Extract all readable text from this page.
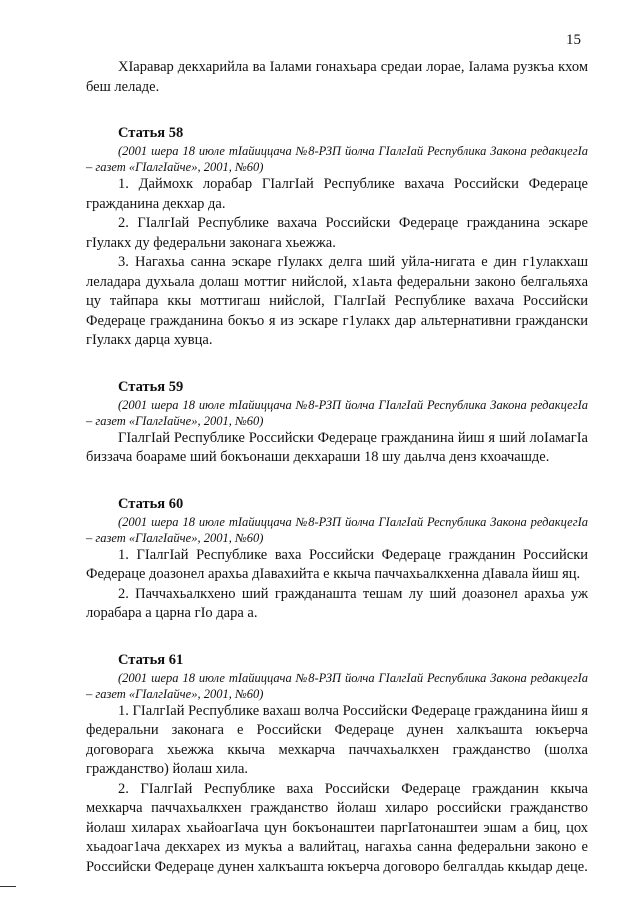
15

ХIаравар декхарийла ва Iалами гонахьара средаи лорае, Iалама рузкъа кхом беш леладе.

Статья 58
(2001 шера 18 июле тIайиццача №8-РЗП йолча ГIалгIай Республика Закона редакцегIа – газет «ГIалгIайче», 2001, №60)

1. Даймохк лорабар ГIалгIай Республике вахача Российски Федераце гражданина декхар да.

2. ГIалгIай Республике вахача Российски Федераце гражданина эскаре гIулакх ду федеральни законага хьежжа.

3. Нагахьа санна эскаре гIулакх делга ший уйла-нигата е дин г1улакхаш лeладара духьала долаш моттиг нийслой, х1аьта федеральни законо белгальяха цу тайпара ккы моттигаш нийслой, ГIалгIай Республике вахача Российски Федераце гражданина бокъо я из эскаре г1улакх дар альтернативни граждански гIулакх дарца хувца.

Статья 59
(2001 шера 18 июле тIайиццача №8-РЗП йолча ГIалгIай Республика Закона редакцегIа – газет «ГIалгIайче», 2001, №60)

ГIалгIай Республике Российски Федераце гражданина йиш я ший лоIамагIа биззача боараме ший бокъонаши декхараши 18 шу даьлча денз кхоачашде.

Статья 60
(2001 шера 18 июле тIайиццача №8-РЗП йолча ГIалгIай Республика Закона редакцегIа – газет «ГIалгIайче», 2001, №60)

1. ГIалгIай Республике ваха Российски Федераце гражданин Российски Федераце доазонел арахьа дIавахийта е ккыча паччахьалкхенна дIавала йиш яц.

2. Паччахьалкхено ший гражданашта тешам лу ший доазонел арахьа уж лорабара а царна гIо дара а.

Статья 61
(2001 шера 18 июле тIайиццача №8-РЗП йолча ГIалгIай Республика Закона редакцегIа – газет «ГIалгIайче», 2001, №60)

1. ГIалгIай Республике вахаш волча Российски Федераце гражданина йиш я федеральни законага е Российски Федераце дунен халкъашта юкъерча договорага хьежжа ккыча мехкарча паччахьалкхен гражданство (шолха гражданство) йолаш хила.

2. ГIалгIай Республике ваха Российски Федераце гражданин ккыча мехкарча паччахьалкхен гражданство йолаш хиларо российски гражданство йолаш хиларах хьайоагIача цун бокъонаштеи паргIатонаштеи эшам а биц, цох хьадоаг1ача декхарех из мукъа а валийтац, нагахьа санна федеральни законо е Российски Федераце дунен халкъашта юкъерча договоро белгалдаь ккыдар деце.
